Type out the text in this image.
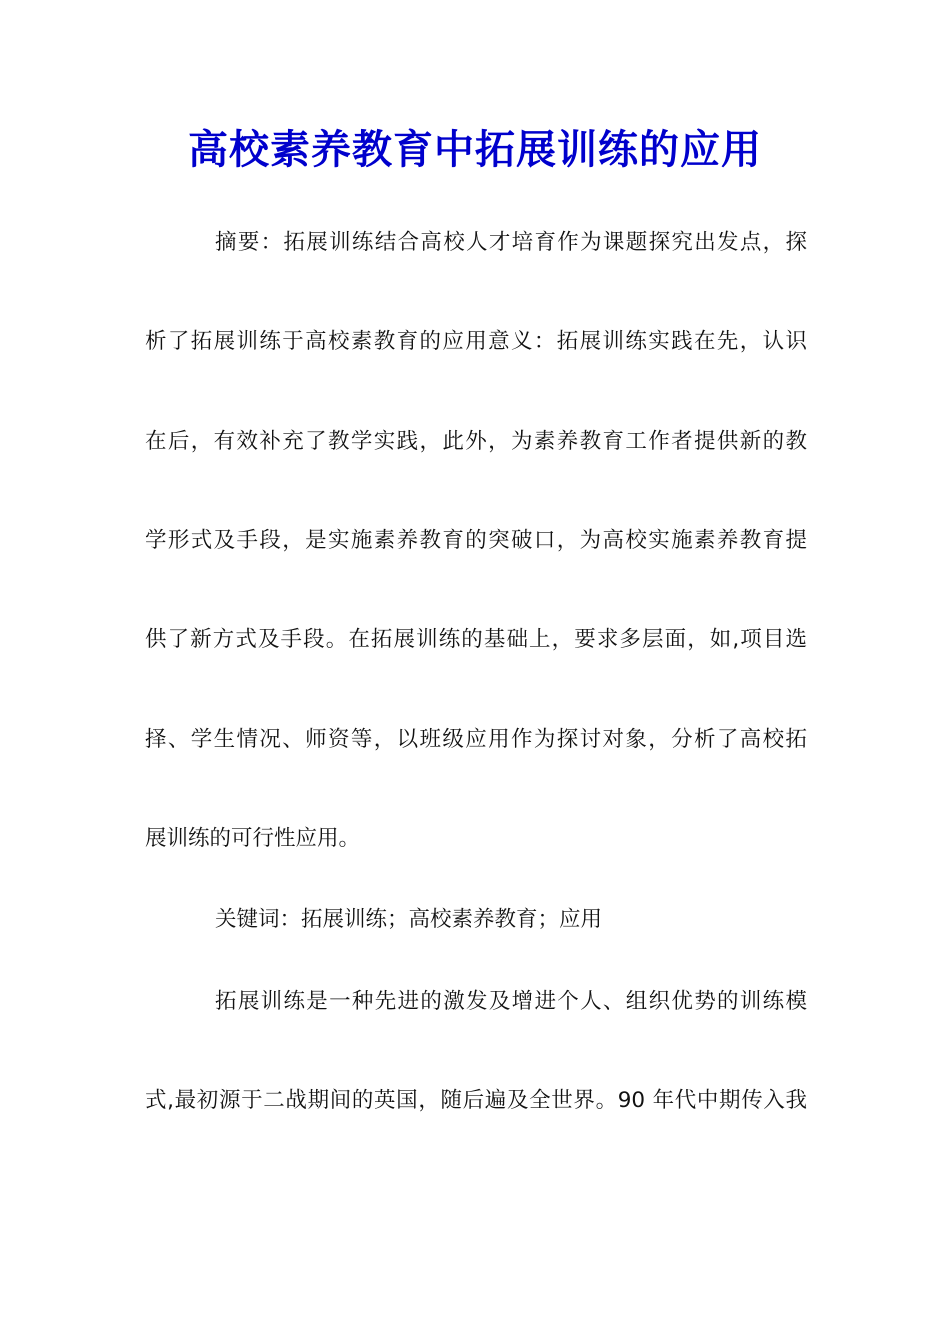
高校素养教育中拓展训练的应用
摘要：拓展训练结合高校人才培育作为课题探究出发点，探
析了拓展训练于高校素教育的应用意义：拓展训练实践在先，认识
在后，有效补充了教学实践，此外，为素养教育工作者提供新的教
学形式及手段，是实施素养教育的突破口，为高校实施素养教育提
供了新方式及手段。在拓展训练的基础上，要求多层面，如,项目选
择、学生情况、师资等，以班级应用作为探讨对象，分析了高校拓
展训练的可行性应用。
关键词：拓展训练；高校素养教育；应用
拓展训练是一种先进的激发及增进个人、组织优势的训练模
式,最初源于二战期间的英国，随后遍及全世界。90 年代中期传入我
